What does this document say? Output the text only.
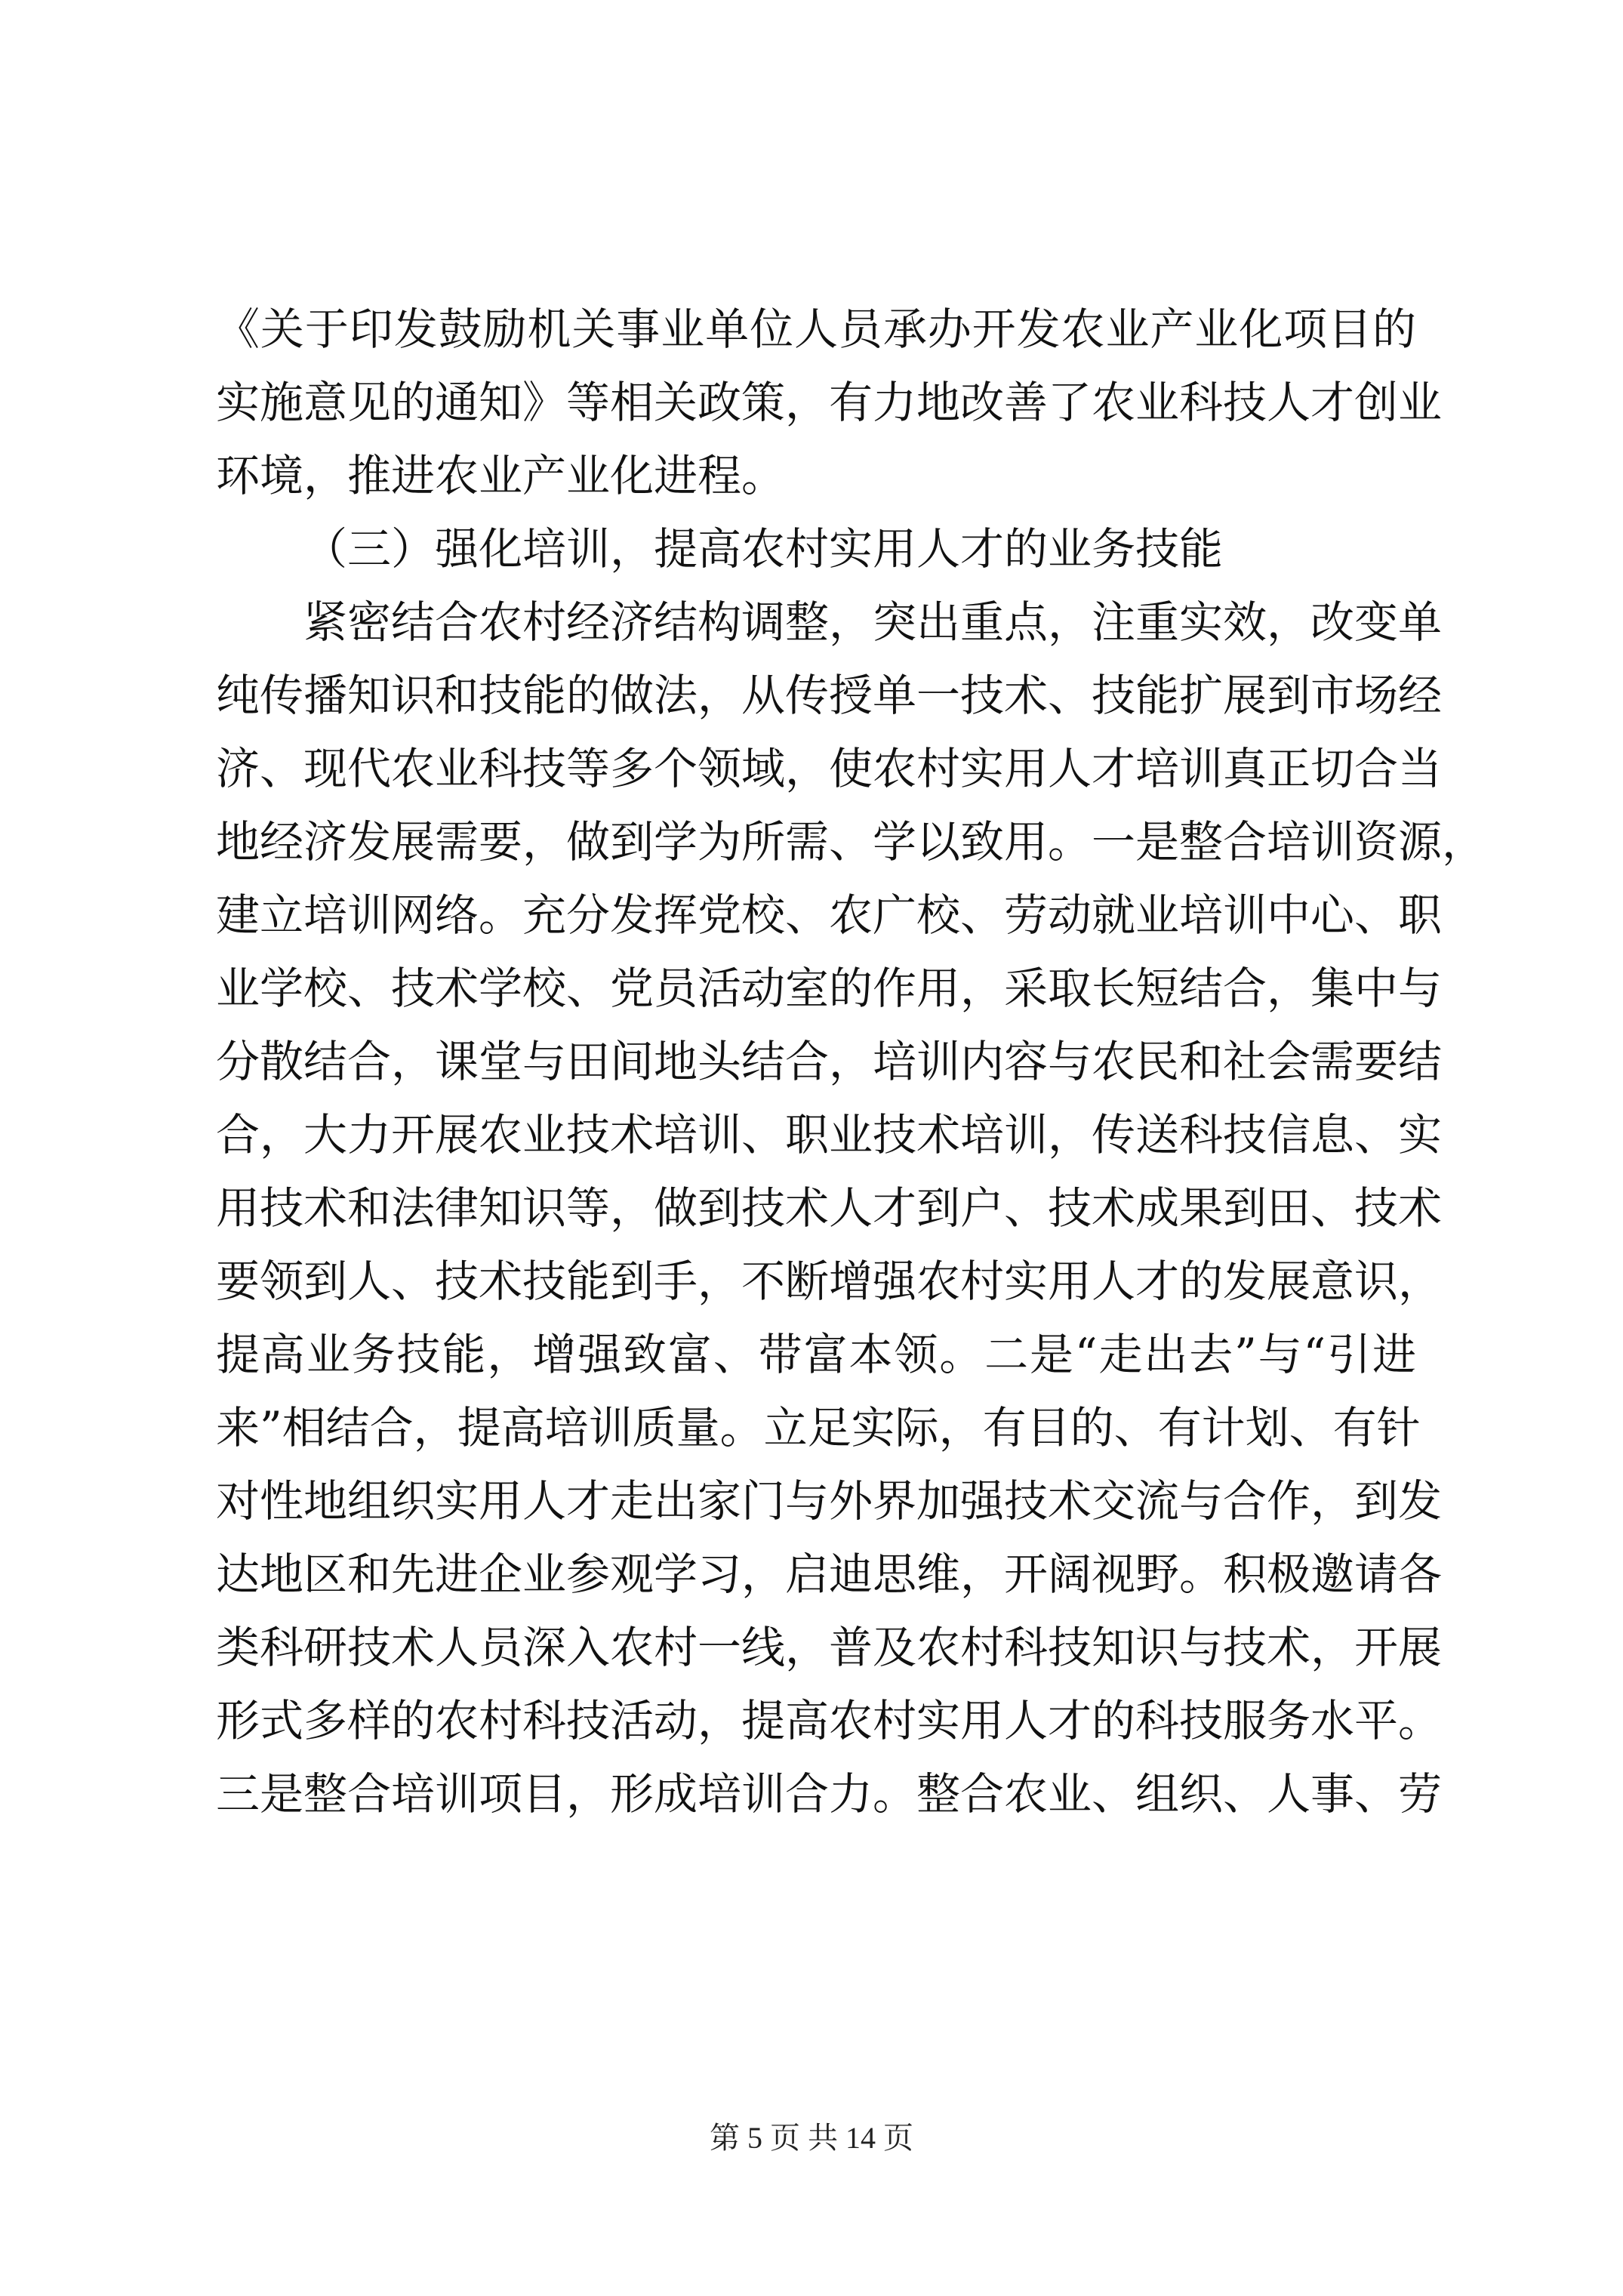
《关于印发鼓励机关事业单位人员承办开发农业产业化项目的
实施意见的通知》等相关政策，有力地改善了农业科技人才创业
环境，推进农业产业化进程。
（三）强化培训，提高农村实用人才的业务技能
紧密结合农村经济结构调整，突出重点，注重实效，改变单
纯传播知识和技能的做法，从传授单一技术、技能扩展到市场经
济、现代农业科技等多个领域，使农村实用人才培训真正切合当
地经济发展需要，做到学为所需、学以致用。一是整合培训资源，
建立培训网络。充分发挥党校、农广校、劳动就业培训中心、职
业学校、技术学校、党员活动室的作用，采取长短结合，集中与
分散结合，课堂与田间地头结合，培训内容与农民和社会需要结
合，大力开展农业技术培训、职业技术培训，传送科技信息、实
用技术和法律知识等，做到技术人才到户、技术成果到田、技术
要领到人、技术技能到手，不断增强农村实用人才的发展意识，
提高业务技能，增强致富、带富本领。二是“走出去”与“引进
来”相结合，提高培训质量。立足实际，有目的、有计划、有针
对性地组织实用人才走出家门与外界加强技术交流与合作，到发
达地区和先进企业参观学习，启迪思维，开阔视野。积极邀请各
类科研技术人员深入农村一线，普及农村科技知识与技术，开展
形式多样的农村科技活动，提高农村实用人才的科技服务水平。
三是整合培训项目，形成培训合力。整合农业、组织、人事、劳
第 5 页 共 14 页
